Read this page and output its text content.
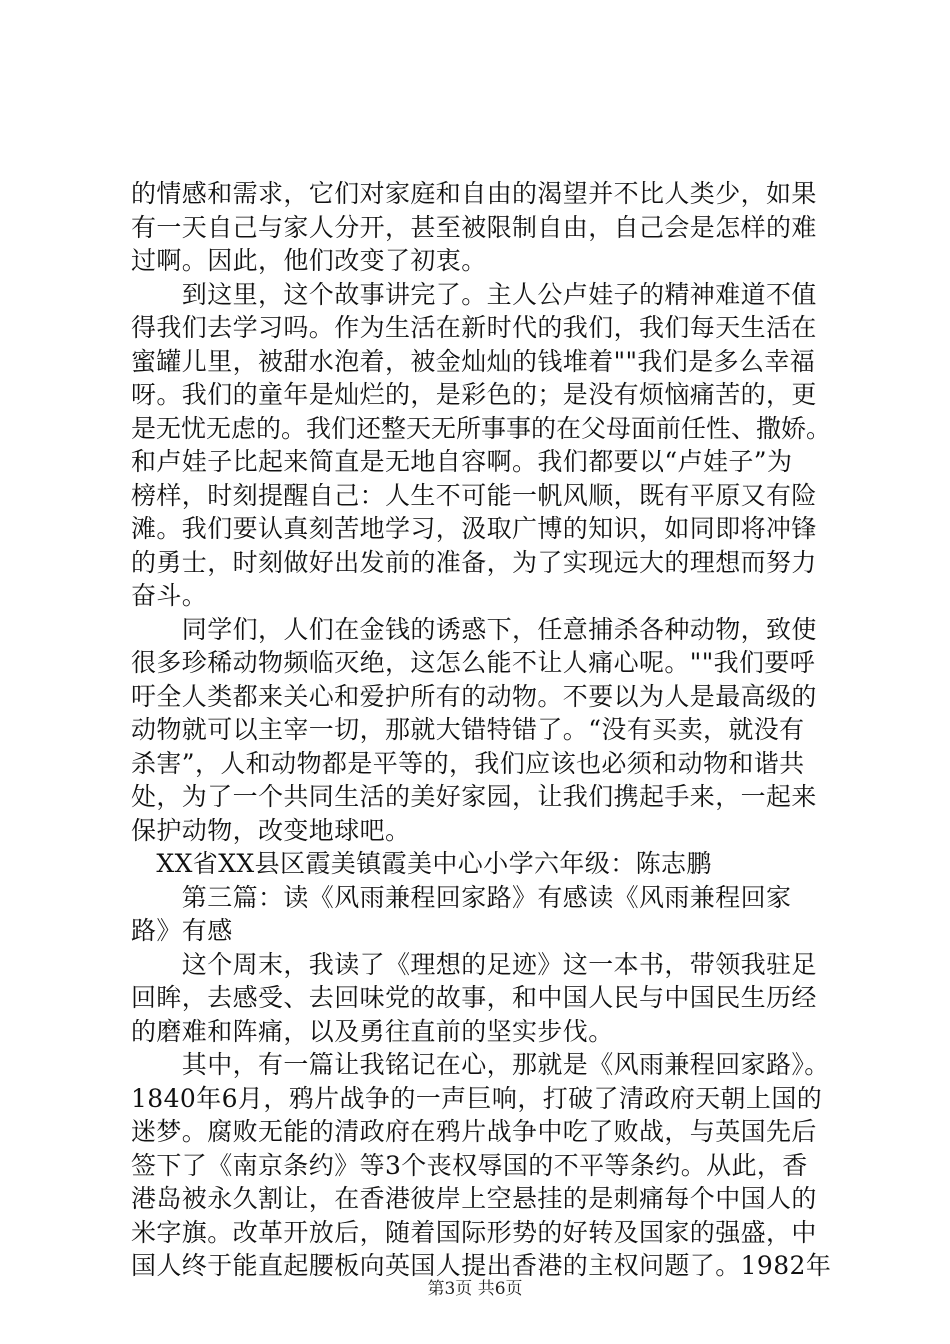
的情感和需求，它们对家庭和自由的渴望并不比人类少，如果
有一天自己与家人分开，甚至被限制自由，自己会是怎样的难
过啊。因此，他们改变了初衷。
　　到这里，这个故事讲完了。主人公卢娃子的精神难道不值
得我们去学习吗。作为生活在新时代的我们，我们每天生活在
蜜罐儿里，被甜水泡着，被金灿灿的钱堆着""我们是多么幸福
呀。我们的童年是灿烂的，是彩色的；是没有烦恼痛苦的，更
是无忧无虑的。我们还整天无所事事的在父母面前任性、撒娇。
和卢娃子比起来简直是无地自容啊。我们都要以“卢娃子”为
榜样，时刻提醒自己：人生不可能一帆风顺，既有平原又有险
滩。我们要认真刻苦地学习，汲取广博的知识，如同即将冲锋
的勇士，时刻做好出发前的准备，为了实现远大的理想而努力
奋斗。
　　同学们，人们在金钱的诱惑下，任意捕杀各种动物，致使
很多珍稀动物频临灭绝，这怎么能不让人痛心呢。""我们要呼
吁全人类都来关心和爱护所有的动物。不要以为人是最高级的
动物就可以主宰一切，那就大错特错了。“没有买卖，就没有
杀害”，人和动物都是平等的，我们应该也必须和动物和谐共
处，为了一个共同生活的美好家园，让我们携起手来，一起来
保护动物，改变地球吧。
　XX省XX县区霞美镇霞美中心小学六年级：陈志鹏
　　第三篇：读《风雨兼程回家路》有感读《风雨兼程回家
路》有感
　　这个周末，我读了《理想的足迹》这一本书，带领我驻足
回眸，去感受、去回味党的故事，和中国人民与中国民生历经
的磨难和阵痛，以及勇往直前的坚实步伐。
　　其中，有一篇让我铭记在心，那就是《风雨兼程回家路》。
1840年6月，鸦片战争的一声巨响，打破了清政府天朝上国的
迷梦。腐败无能的清政府在鸦片战争中吃了败战，与英国先后
签下了《南京条约》等3个丧权辱国的不平等条约。从此，香
港岛被永久割让，在香港彼岸上空悬挂的是刺痛每个中国人的
米字旗。改革开放后，随着国际形势的好转及国家的强盛，中
国人终于能直起腰板向英国人提出香港的主权问题了。1982年
第3页 共6页
